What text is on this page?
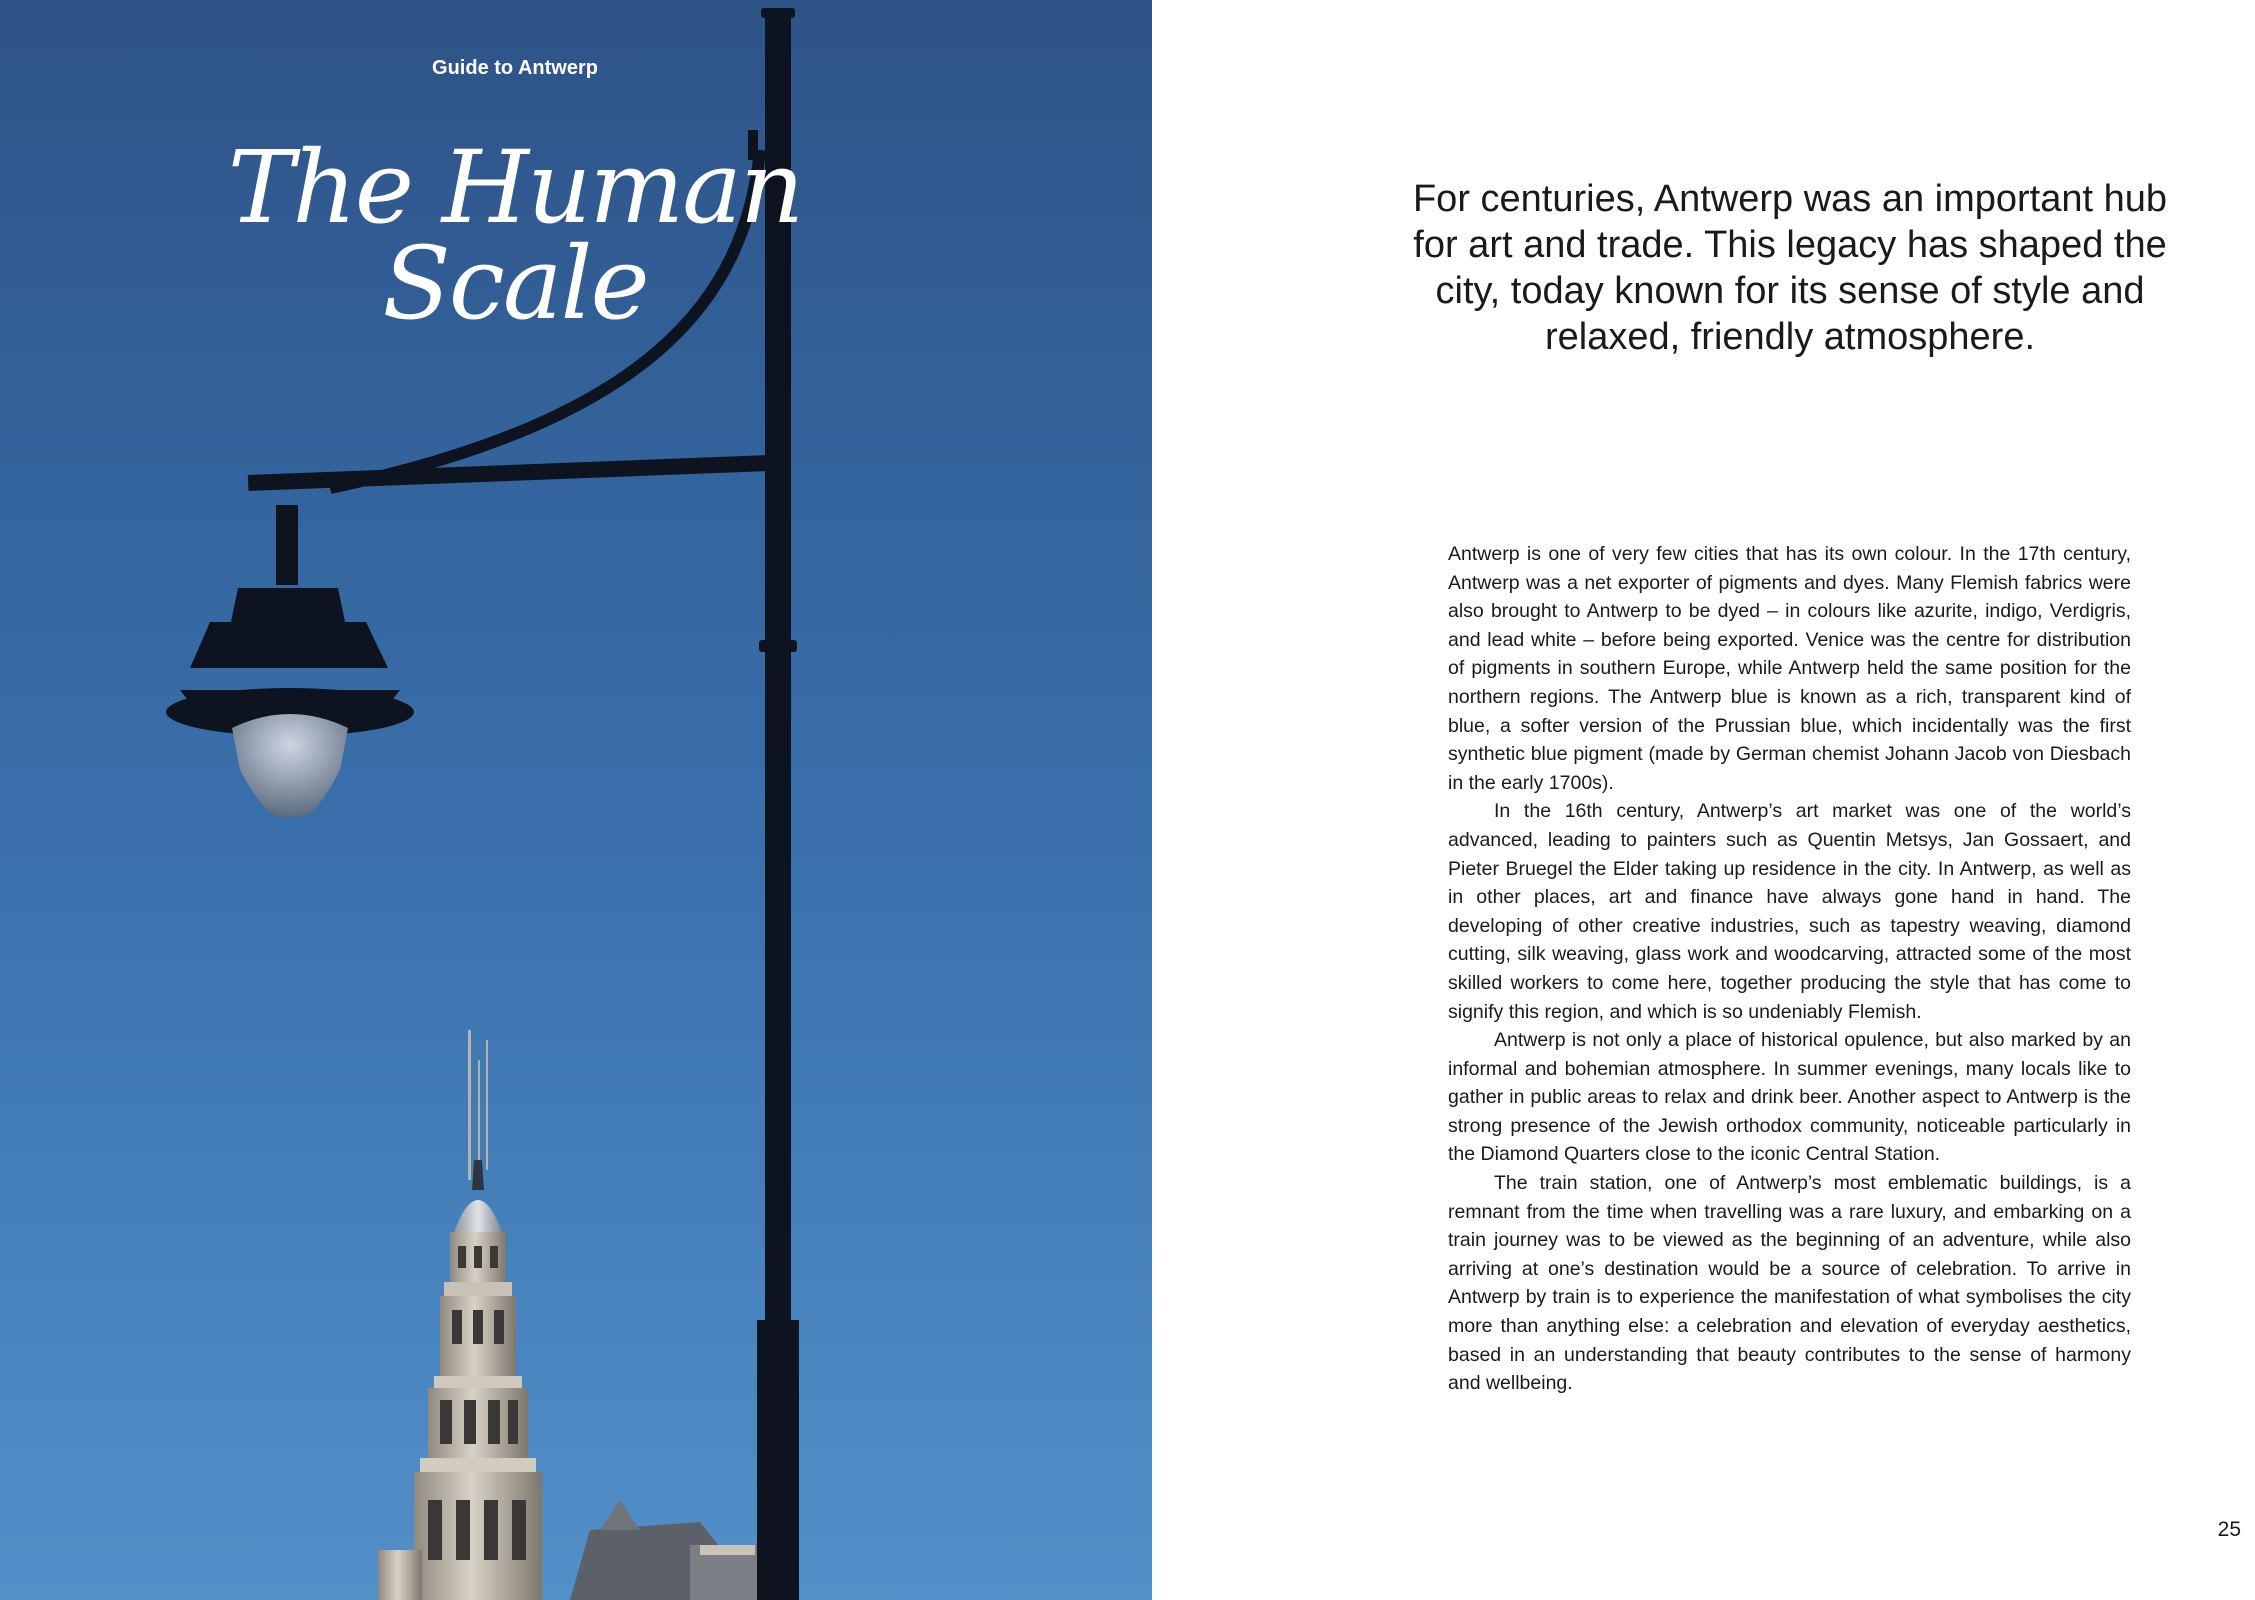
Guide to Antwerp
The Human
Scale
For centuries, Antwerp was an important hub for art and trade. This legacy has shaped the city, today known for its sense of style and relaxed, friendly atmosphere.

Antwerp is one of very few cities that has its own colour. In the 17th century, Antwerp was a net exporter of pigments and dyes. Many Flemish fabrics were also brought to Antwerp to be dyed – in colours like azurite, indigo, Verdigris, and lead white – before being exported. Venice was the centre for distribution of pigments in southern Europe, while Antwerp held the same position for the northern regions. The Antwerp blue is known as a rich, transparent kind of blue, a softer version of the Prussian blue, which incidentally was the first synthetic blue pigment (made by German chemist Johann Jacob von Diesbach in the early 1700s).

In the 16th century, Antwerp’s art market was one of the world’s advanced, leading to painters such as Quentin Metsys, Jan Gossaert, and Pieter Bruegel the Elder taking up residence in the city. In Antwerp, as well as in other places, art and finance have always gone hand in hand. The developing of other creative industries, such as tapestry weaving, diamond cutting, silk weaving, glass work and woodcarving, attracted some of the most skilled workers to come here, together producing the style that has come to signify this region, and which is so undeniably Flemish.

Antwerp is not only a place of historical opulence, but also marked by an informal and bohemian atmosphere. In summer evenings, many locals like to gather in public areas to relax and drink beer. Another aspect to Antwerp is the strong presence of the Jewish orthodox community, noticeable particularly in the Diamond Quarters close to the iconic Central Station.

The train station, one of Antwerp’s most emblematic buildings, is a remnant from the time when travelling was a rare luxury, and embarking on a train journey was to be viewed as the beginning of an adventure, while also arriving at one’s destination would be a source of celebration. To arrive in Antwerp by train is to experience the manifestation of what symbolises the city more than anything else: a celebration and elevation of everyday aesthetics, based in an understanding that beauty contributes to the sense of harmony and wellbeing.

25
